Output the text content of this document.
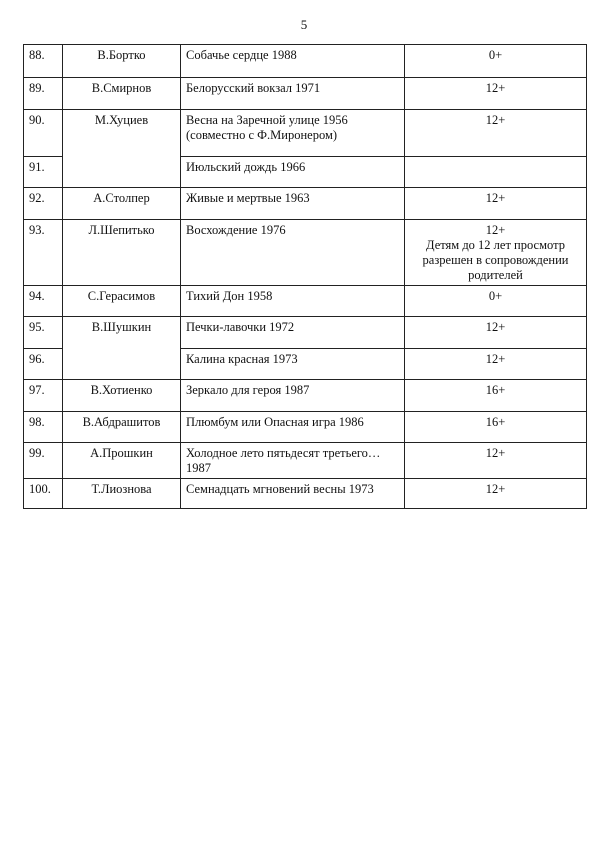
5
88.	В.Бортко	Собачье сердце 1988	0+
89.	В.Смирнов	Белорусский вокзал 1971	12+
90.	М.Хуциев	Весна на Заречной улице 1956 (совместно с Ф.Миронером)	12+
91.		Июльский дождь 1966	
92.	А.Столпер	Живые и мертвые 1963	12+
93.	Л.Шепитько	Восхождение 1976	12+
Детям до 12 лет просмотр разрешен в сопровождении родителей

94.	С.Герасимов	Тихий Дон 1958	0+
95.	В.Шушкин	Печки-лавочки 1972	12+
96.		Калина красная 1973	12+
97.	В.Хотиенко	Зеркало для героя 1987	16+
98.	В.Абдрашитов	Плюмбум или Опасная игра 1986	16+
99.	А.Прошкин	Холодное лето пятьдесят третьего…1987	12+
100.	Т.Лиознова	Семнадцать мгновений весны 1973	12+
